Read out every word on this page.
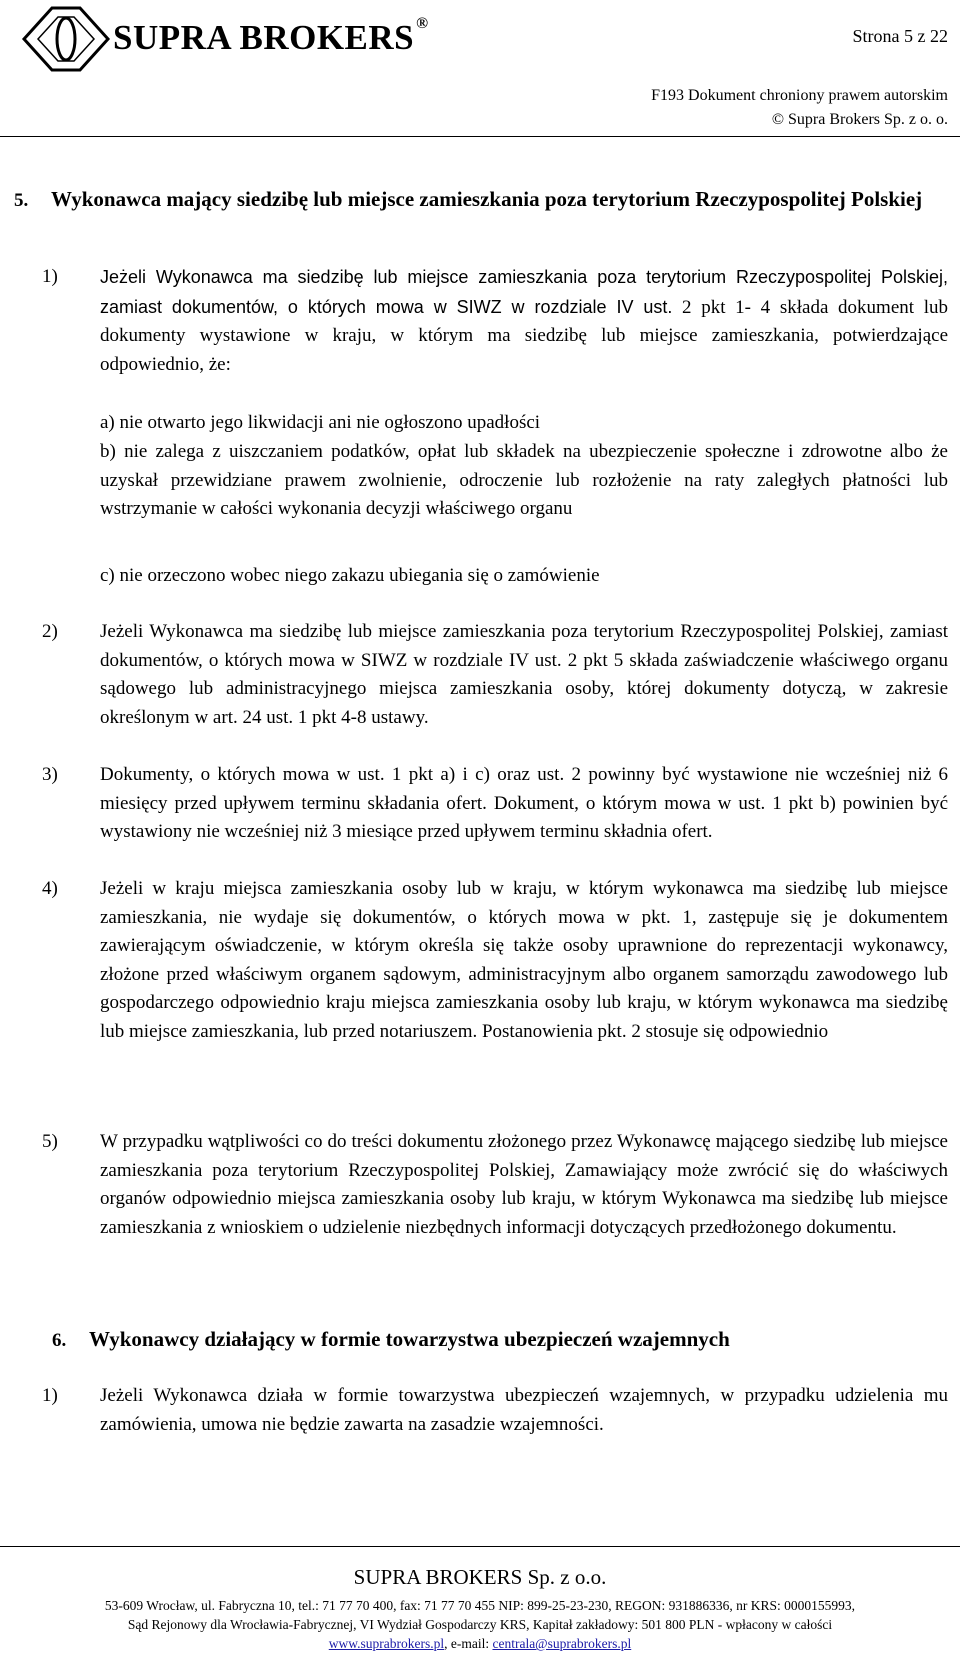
SUPRA BROKERS ®
Strona 5 z 22
F193 Dokument chroniony prawem autorskim
© Supra Brokers Sp. z o. o.
5. Wykonawca mający siedzibę lub miejsce zamieszkania poza terytorium Rzeczypospolitej Polskiej
1) Jeżeli Wykonawca ma siedzibę lub miejsce zamieszkania poza terytorium Rzeczypospolitej Polskiej, zamiast dokumentów, o których mowa w SIWZ w rozdziale IV ust. 2 pkt 1- 4 składa dokument lub dokumenty wystawione w kraju, w którym ma siedzibę lub miejsce zamieszkania, potwierdzające odpowiednio, że:
a) nie otwarto jego likwidacji ani nie ogłoszono upadłości
b) nie zalega z uiszczaniem podatków, opłat lub składek na ubezpieczenie społeczne i zdrowotne albo że uzyskał przewidziane prawem zwolnienie, odroczenie lub rozłożenie na raty zaległych płatności lub wstrzymanie w całości wykonania decyzji właściwego organu
c) nie orzeczono wobec niego zakazu ubiegania się o zamówienie
2) Jeżeli Wykonawca ma siedzibę lub miejsce zamieszkania poza terytorium Rzeczypospolitej Polskiej, zamiast dokumentów, o których mowa w SIWZ w rozdziale IV ust. 2 pkt 5 składa zaświadczenie właściwego organu sądowego lub administracyjnego miejsca zamieszkania osoby, której dokumenty dotyczą, w zakresie określonym w art. 24 ust. 1 pkt 4-8 ustawy.
3) Dokumenty, o których mowa w ust. 1 pkt a) i c) oraz ust. 2 powinny być wystawione nie wcześniej niż 6 miesięcy przed upływem terminu składania ofert. Dokument, o którym mowa w ust. 1 pkt b) powinien być wystawiony nie wcześniej niż 3 miesiące przed upływem terminu składnia ofert.
4) Jeżeli w kraju miejsca zamieszkania osoby lub w kraju, w którym wykonawca ma siedzibę lub miejsce zamieszkania, nie wydaje się dokumentów, o których mowa w pkt. 1, zastępuje się je dokumentem zawierającym oświadczenie, w którym określa się także osoby uprawnione do reprezentacji wykonawcy, złożone przed właściwym organem sądowym, administracyjnym albo organem samorządu zawodowego lub gospodarczego odpowiednio kraju miejsca zamieszkania osoby lub kraju, w którym wykonawca ma siedzibę lub miejsce zamieszkania, lub przed notariuszem. Postanowienia pkt. 2 stosuje się odpowiednio
5) W przypadku wątpliwości co do treści dokumentu złożonego przez Wykonawcę mającego siedzibę lub miejsce zamieszkania poza terytorium Rzeczypospolitej Polskiej, Zamawiający może zwrócić się do właściwych organów odpowiednio miejsca zamieszkania osoby lub kraju, w którym Wykonawca ma siedzibę lub miejsce zamieszkania z wnioskiem o udzielenie niezbędnych informacji dotyczących przedłożonego dokumentu.
6. Wykonawcy działający w formie towarzystwa ubezpieczeń wzajemnych
1) Jeżeli Wykonawca działa w formie towarzystwa ubezpieczeń wzajemnych, w przypadku udzielenia mu zamówienia, umowa nie będzie zawarta na zasadzie wzajemności.
SUPRA BROKERS Sp. z o.o.
53-609 Wrocław, ul. Fabryczna 10, tel.: 71 77 70 400, fax: 71 77 70 455 NIP: 899-25-23-230, REGON: 931886336, nr KRS: 0000155993,
Sąd Rejonowy dla Wrocławia-Fabrycznej, VI Wydział Gospodarczy KRS, Kapitał zakładowy: 501 800 PLN - wpłacony w całości
www.suprabrokers.pl, e-mail: centrala@suprabrokers.pl
